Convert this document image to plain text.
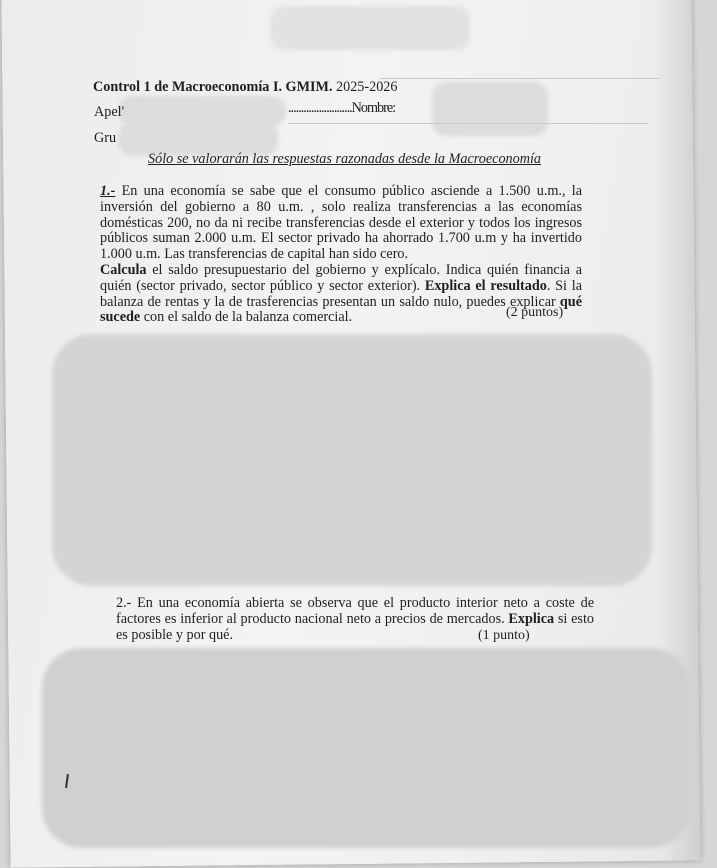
Control 1 de Macroeconomía I. GMIM. 2025-2026
Apel'	.........................Nombre:
Gru
Sólo se valorarán las respuestas razonadas desde la Macroeconomía
1.- En una economía se sabe que el consumo público asciende a 1.500 u.m., la inversión del gobierno a 80 u.m. , solo realiza transferencias a las economías domésticas 200, no da ni recibe transferencias desde el exterior y todos los ingresos públicos suman 2.000 u.m. El sector privado ha ahorrado 1.700 u.m y ha invertido 1.000 u.m. Las transferencias de capital han sido cero.
Calcula el saldo presupuestario del gobierno y explícalo. Indica quién financia a quién (sector privado, sector público y sector exterior). Explica el resultado. Si la balanza de rentas y la de trasferencias presentan un saldo nulo, puedes explicar qué sucede con el saldo de la balanza comercial.	(2 puntos)
2.- En una economía abierta se observa que el producto interior neto a coste de factores es inferior al producto nacional neto a precios de mercados. Explica si esto es posible y por qué.	(1 punto)
